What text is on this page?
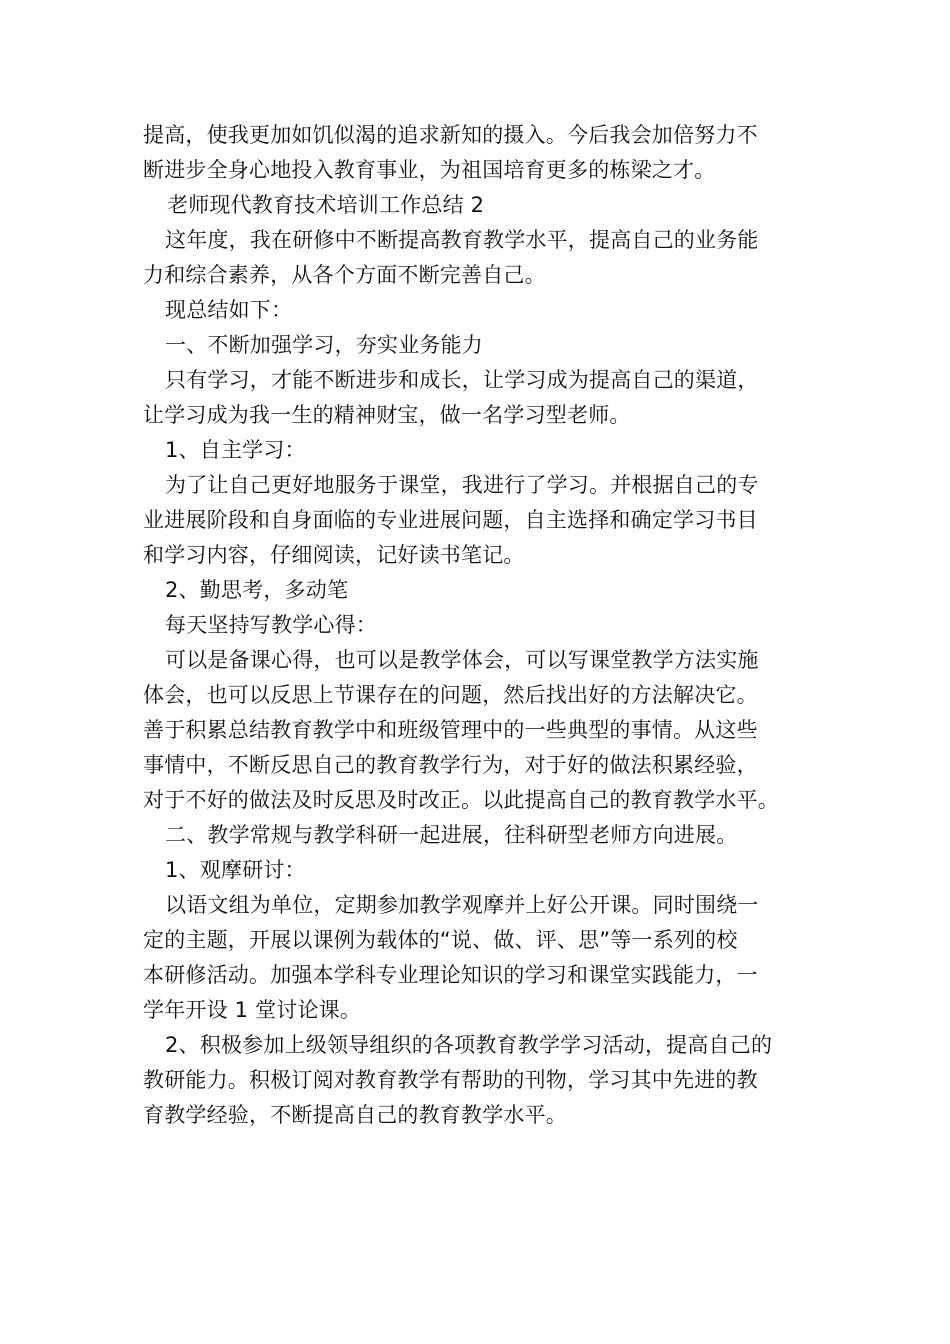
提高，使我更加如饥似渴的追求新知的摄入。今后我会加倍努力不
断进步全身心地投入教育事业，为祖国培育更多的栋梁之才。
老师现代教育技术培训工作总结 2
这年度，我在研修中不断提高教育教学水平，提高自己的业务能
力和综合素养，从各个方面不断完善自己。
现总结如下：
一、不断加强学习，夯实业务能力
只有学习，才能不断进步和成长，让学习成为提高自己的渠道，
让学习成为我一生的精神财宝，做一名学习型老师。
1、自主学习：
为了让自己更好地服务于课堂，我进行了学习。并根据自己的专
业进展阶段和自身面临的专业进展问题，自主选择和确定学习书目
和学习内容，仔细阅读，记好读书笔记。
2、勤思考，多动笔
每天坚持写教学心得：
可以是备课心得，也可以是教学体会，可以写课堂教学方法实施
体会，也可以反思上节课存在的问题，然后找出好的方法解决它。
善于积累总结教育教学中和班级管理中的一些典型的事情。从这些
事情中，不断反思自己的教育教学行为，对于好的做法积累经验，
对于不好的做法及时反思及时改正。以此提高自己的教育教学水平。
二、教学常规与教学科研一起进展，往科研型老师方向进展。
1、观摩研讨：
以语文组为单位，定期参加教学观摩并上好公开课。同时围绕一
定的主题，开展以课例为载体的“说、做、评、思”等一系列的校
本研修活动。加强本学科专业理论知识的学习和课堂实践能力，一
学年开设 1 堂讨论课。
2、积极参加上级领导组织的各项教育教学学习活动，提高自己的
教研能力。积极订阅对教育教学有帮助的刊物，学习其中先进的教
育教学经验，不断提高自己的教育教学水平。
